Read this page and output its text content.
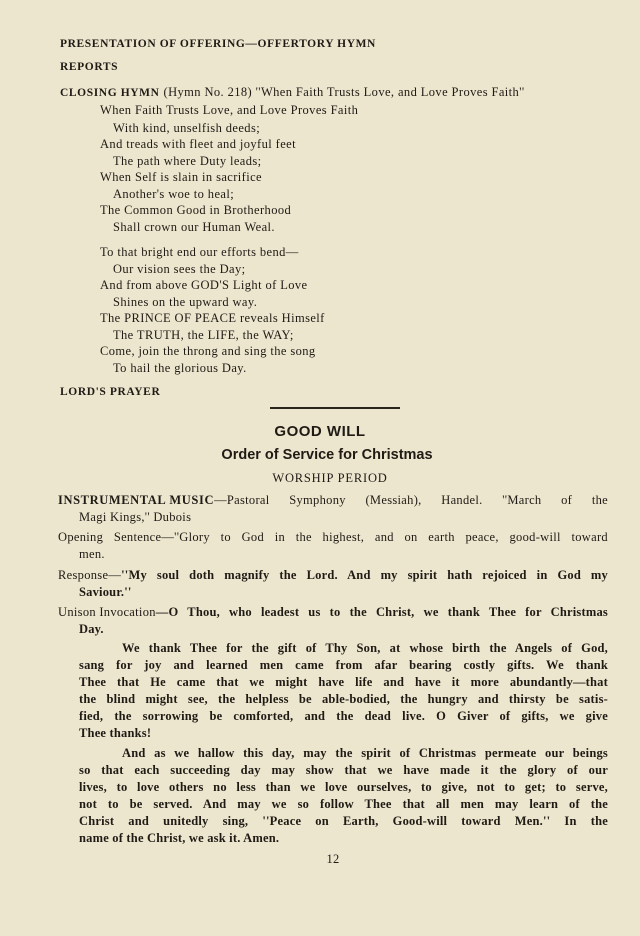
PRESENTATION OF OFFERING—OFFERTORY HYMN
REPORTS
CLOSING HYMN (Hymn No. 218) ''When Faith Trusts Love, and Love Proves Faith''
When Faith Trusts Love, and Love Proves Faith
With kind, unselfish deeds;
And treads with fleet and joyful feet
The path where Duty leads;
When Self is slain in sacrifice
Another's woe to heal;
The Common Good in Brotherhood
Shall crown our Human Weal.
To that bright end our efforts bend—
Our vision sees the Day;
And from above GOD'S Light of Love
Shines on the upward way.
The PRINCE OF PEACE reveals Himself
The TRUTH, the LIFE, the WAY;
Come, join the throng and sing the song
To hail the glorious Day.
LORD'S PRAYER
GOOD WILL
Order of Service for Christmas
WORSHIP PERIOD
INSTRUMENTAL MUSIC —Pastoral Symphony (Messiah), Handel. ''March of the
Magi Kings,'' Dubois
Opening Sentence—''Glory to God in the highest, and on earth peace, good-will toward
men.
Response— ''My soul doth magnify the Lord. And my spirit hath rejoiced in God my
Saviour.''
Unison Invocation —O Thou, who leadest us to the Christ, we thank Thee for Christmas
Day.
We thank Thee for the gift of Thy Son, at whose birth the Angels of God,
sang for joy and learned men came from afar bearing costly gifts. We thank
Thee that He came that we might have life and have it more abundantly—that
the blind might see, the helpless be able-bodied, the hungry and thirsty be satis-
fied, the sorrowing be comforted, and the dead live. O Giver of gifts, we give
Thee thanks!
And as we hallow this day, may the spirit of Christmas permeate our beings
so that each succeeding day may show that we have made it the glory of our
lives, to love others no less than we love ourselves, to give, not to get; to serve,
not to be served. And may we so follow Thee that all men may learn of the
Christ and unitedly sing, ''Peace on Earth, Good-will toward Men.'' In the
name of the Christ, we ask it. Amen.
12
